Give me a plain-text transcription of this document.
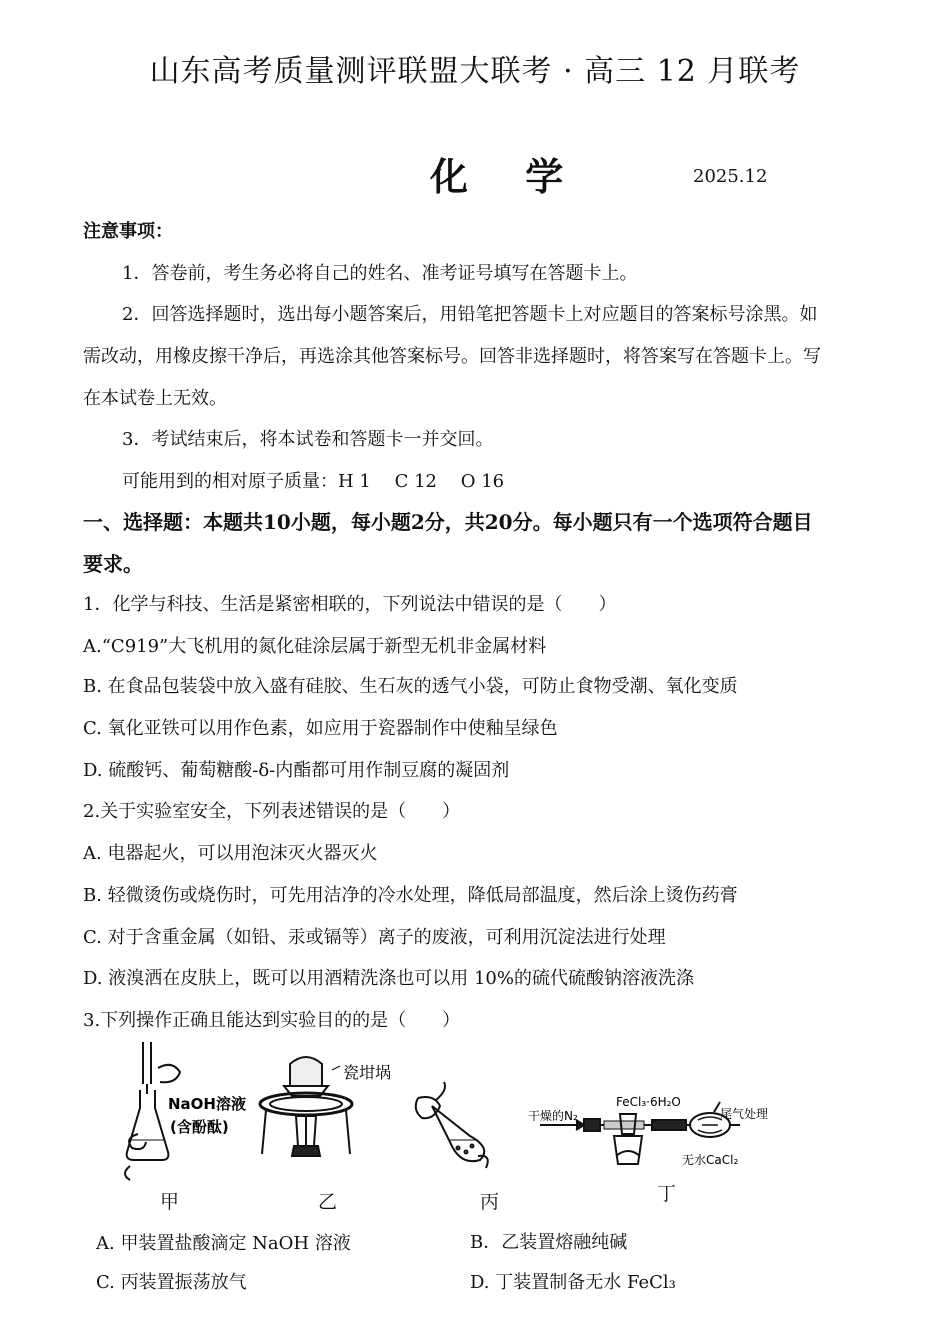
山东高考质量测评联盟大联考 · 高三 12 月联考
化 学	2025.12
注意事项：
1．答卷前，考生务必将自己的姓名、准考证号填写在答题卡上。
2．回答选择题时，选出每小题答案后，用铅笔把答题卡上对应题目的答案标号涂黑。如
需改动，用橡皮擦干净后，再选涂其他答案标号。回答非选择题时，将答案写在答题卡上。写
在本试卷上无效。
3．考试结束后，将本试卷和答题卡一并交回。
可能用到的相对原子质量：H 1　 C 12　 O 16
一、选择题：本题共10小题，每小题2分，共20分。每小题只有一个选项符合题目
要求。
1．化学与科技、生活是紧密相联的，下列说法中错误的是（　　）
A.“C919”大飞机用的氮化硅涂层属于新型无机非金属材料
B. 在食品包装袋中放入盛有硅胶、生石灰的透气小袋，可防止食物受潮、氧化变质
C. 氧化亚铁可以用作色素，如应用于瓷器制作中使釉呈绿色
D. 硫酸钙、葡萄糖酸-δ-内酯都可用作制豆腐的凝固剂
2.关于实验室安全，下列表述错误的是（　　）
A. 电器起火，可以用泡沫灭火器灭火
B. 轻微烫伤或烧伤时，可先用洁净的冷水处理，降低局部温度，然后涂上烫伤药膏
C. 对于含重金属（如铅、汞或镉等）离子的废液，可利用沉淀法进行处理
D. 液溴洒在皮肤上，既可以用酒精洗涤也可以用 10%的硫代硫酸钠溶液洗涤
3.下列操作正确且能达到实验目的的是（　　）
NaOH溶液
(含酚酞)
瓷坩埚
FeCl₃·6H₂O
干燥的N₂	尾气处理
无水CaCl₂
甲	乙	丙	丁
A. 甲装置盐酸滴定 NaOH 溶液	B．乙装置熔融纯碱
C. 丙装置振荡放气	D. 丁装置制备无水 FeCl₃
